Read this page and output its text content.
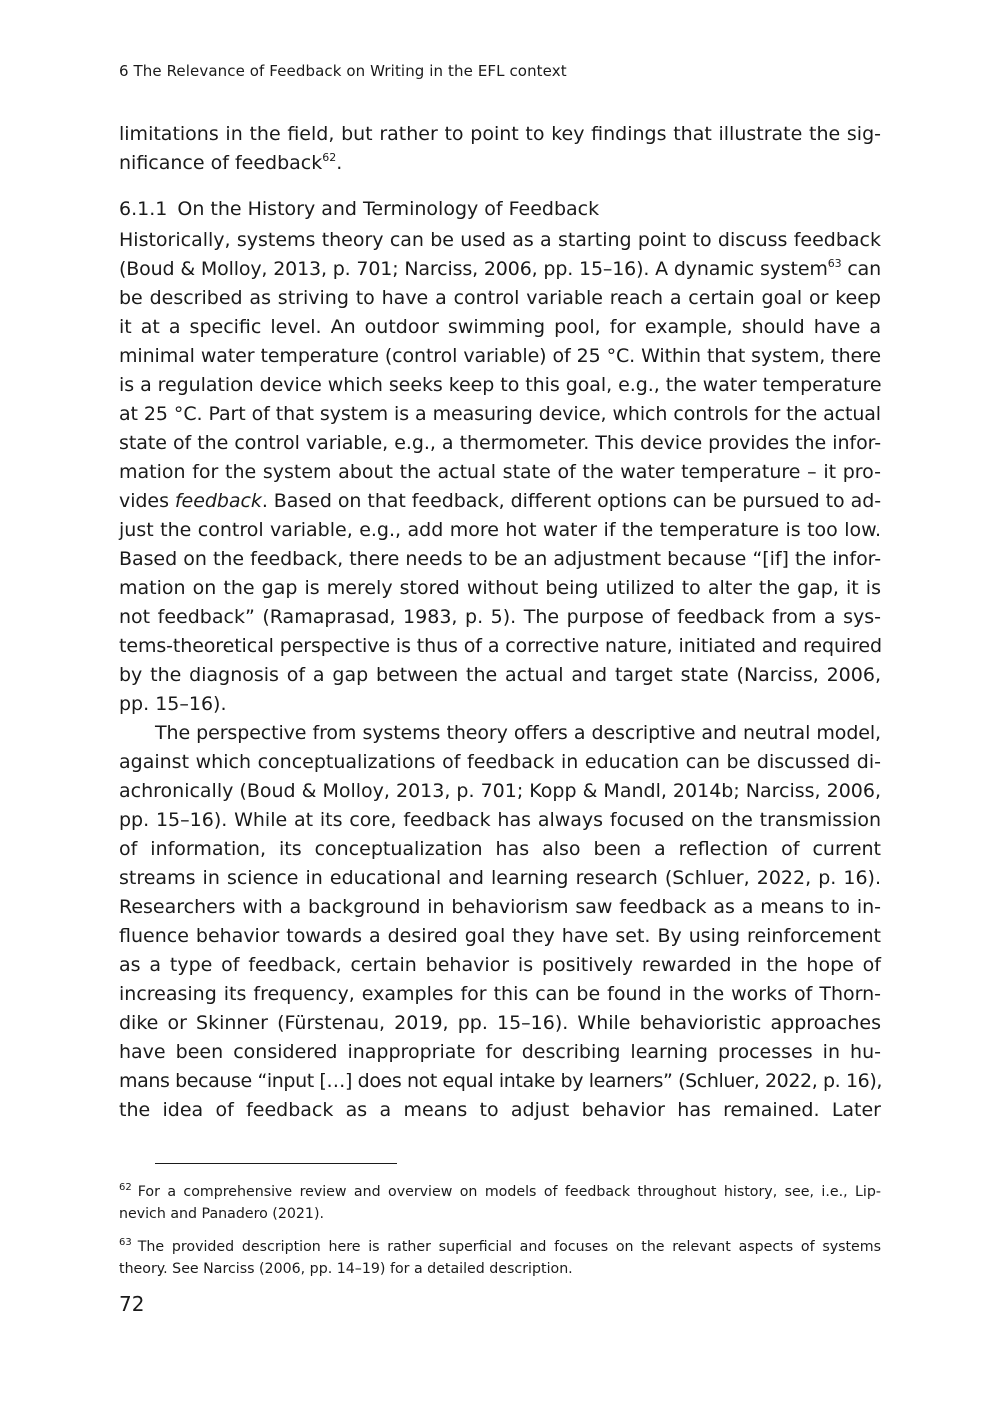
6 The Relevance of Feedback on Writing in the EFL context
limitations in the field, but rather to point to key findings that illustrate the sig-
nificance of feedback$^{62}$.
6.1.1 On the History and Terminology of Feedback
Historically, systems theory can be used as a starting point to discuss feedback
(Boud & Molloy, 2013, p. 701; Narciss, 2006, pp. 15–16). A dynamic system$^{63}$ can
be described as striving to have a control variable reach a certain goal or keep
it at a specific level. An outdoor swimming pool, for example, should have a
minimal water temperature (control variable) of 25 °C. Within that system, there
is a regulation device which seeks keep to this goal, e.g., the water temperature
at 25 °C. Part of that system is a measuring device, which controls for the actual
state of the control variable, e.g., a thermometer. This device provides the infor-
mation for the system about the actual state of the water temperature – it pro-
vides feedback. Based on that feedback, different options can be pursued to ad-
just the control variable, e.g., add more hot water if the temperature is too low.
Based on the feedback, there needs to be an adjustment because “[if] the infor-
mation on the gap is merely stored without being utilized to alter the gap, it is
not feedback” (Ramaprasad, 1983, p. 5). The purpose of feedback from a sys-
tems-theoretical perspective is thus of a corrective nature, initiated and required
by the diagnosis of a gap between the actual and target state (Narciss, 2006,
pp. 15–16).
The perspective from systems theory offers a descriptive and neutral model,
against which conceptualizations of feedback in education can be discussed di-
achronically (Boud & Molloy, 2013, p. 701; Kopp & Mandl, 2014b; Narciss, 2006,
pp. 15–16). While at its core, feedback has always focused on the transmission
of information, its conceptualization has also been a reflection of current
streams in science in educational and learning research (Schluer, 2022, p. 16).
Researchers with a background in behaviorism saw feedback as a means to in-
fluence behavior towards a desired goal they have set. By using reinforcement
as a type of feedback, certain behavior is positively rewarded in the hope of
increasing its frequency, examples for this can be found in the works of Thorn-
dike or Skinner (Fürstenau, 2019, pp. 15–16). While behavioristic approaches
have been considered inappropriate for describing learning processes in hu-
mans because “input […] does not equal intake by learners” (Schluer, 2022, p. 16),
the idea of feedback as a means to adjust behavior has remained. Later
$^{62}$ For a comprehensive review and overview on models of feedback throughout history, see, i.e., Lip-
nevich and Panadero (2021).
$^{63}$ The provided description here is rather superficial and focuses on the relevant aspects of systems
theory. See Narciss (2006, pp. 14–19) for a detailed description.
72
